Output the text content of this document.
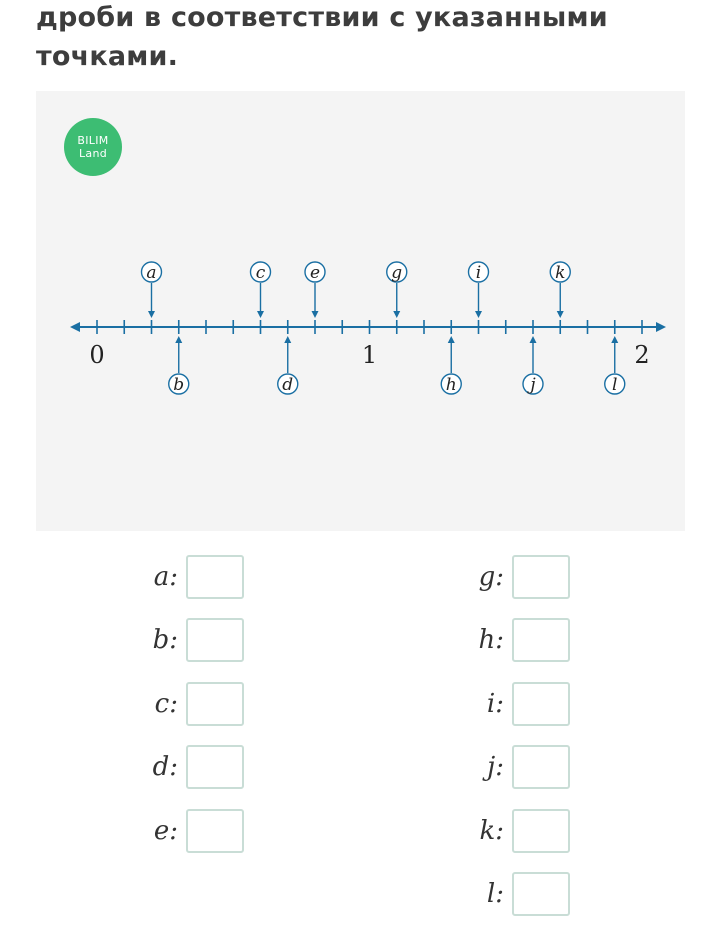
дроби в соответствии с указанными точками.
BILIM
Land
0	1	2
a
b
c
d
e	g
h
i
j
k
l
a:
b:
c:
d:
e:
g:
h:
i:
j:
k:
l:
